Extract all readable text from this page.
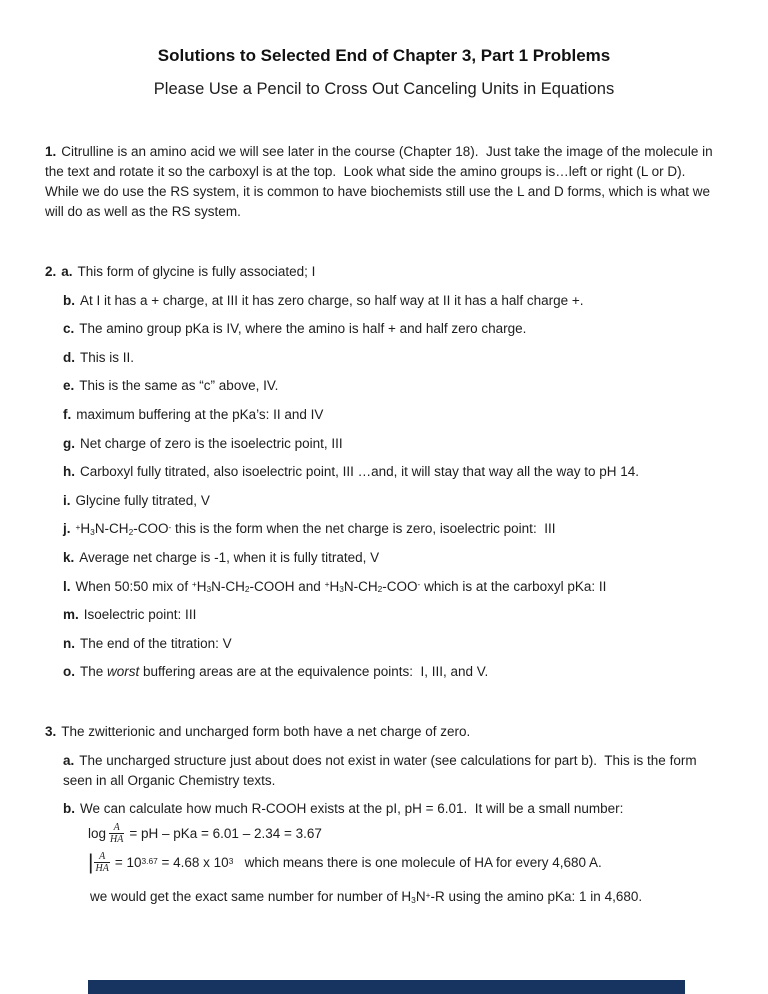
Solutions to Selected End of Chapter 3, Part 1 Problems
Please Use a Pencil to Cross Out Canceling Units in Equations

1. Citrulline is an amino acid we will see later in the course (Chapter 18).  Just take the image of the molecule in the text and rotate it so the carboxyl is at the top.  Look what side the amino groups is…left or right (L or D).  While we do use the RS system, it is common to have biochemists still use the L and D forms, which is what we will do as well as the RS system.

2. a. This form of glycine is fully associated; I

b. At I it has a + charge, at III it has zero charge, so half way at II it has a half charge +.

c. The amino group pKa is IV, where the amino is half + and half zero charge.

d. This is II.

e. This is the same as “c” above, IV.

f. maximum buffering at the pKa’s: II and IV

g. Net charge of zero is the isoelectric point, III

h. Carboxyl fully titrated, also isoelectric point, III …and, it will stay that way all the way to pH 14.

i. Glycine fully titrated, V

j. $^+H_3N-CH_2-COO^-$ this is the form when the net charge is zero, isoelectric point:  III

k. Average net charge is -1, when it is fully titrated, V

l. When 50:50 mix of $^+H_3N-CH_2$-COOH and $^+H_3N-CH_2-COO^-$ which is at the carboxyl pKa: II

m. Isoelectric point: III

n. The end of the titration: V

o. The worst buffering areas are at the equivalence points:  I, III, and V.

3. The zwitterionic and uncharged form both have a net charge of zero.

a. The uncharged structure just about does not exist in water (see calculations for part b).  This is the form seen in all Organic Chemistry texts.

b. We can calculate how much R-COOH exists at the pI, pH = 6.01.  It will be a small number:

$\log \frac{A}{HA}$ = pH – pKa = 6.01 – 2.34 = 3.67

| $\frac{A}{HA} = 10^{3.67} = 4.68$ x $10^3$   which means there is one molecule of HA for every 4,680 A.

we would get the exact same number for number of $H_3N^+-R$ using the amino pKa: 1 in 4,680.
